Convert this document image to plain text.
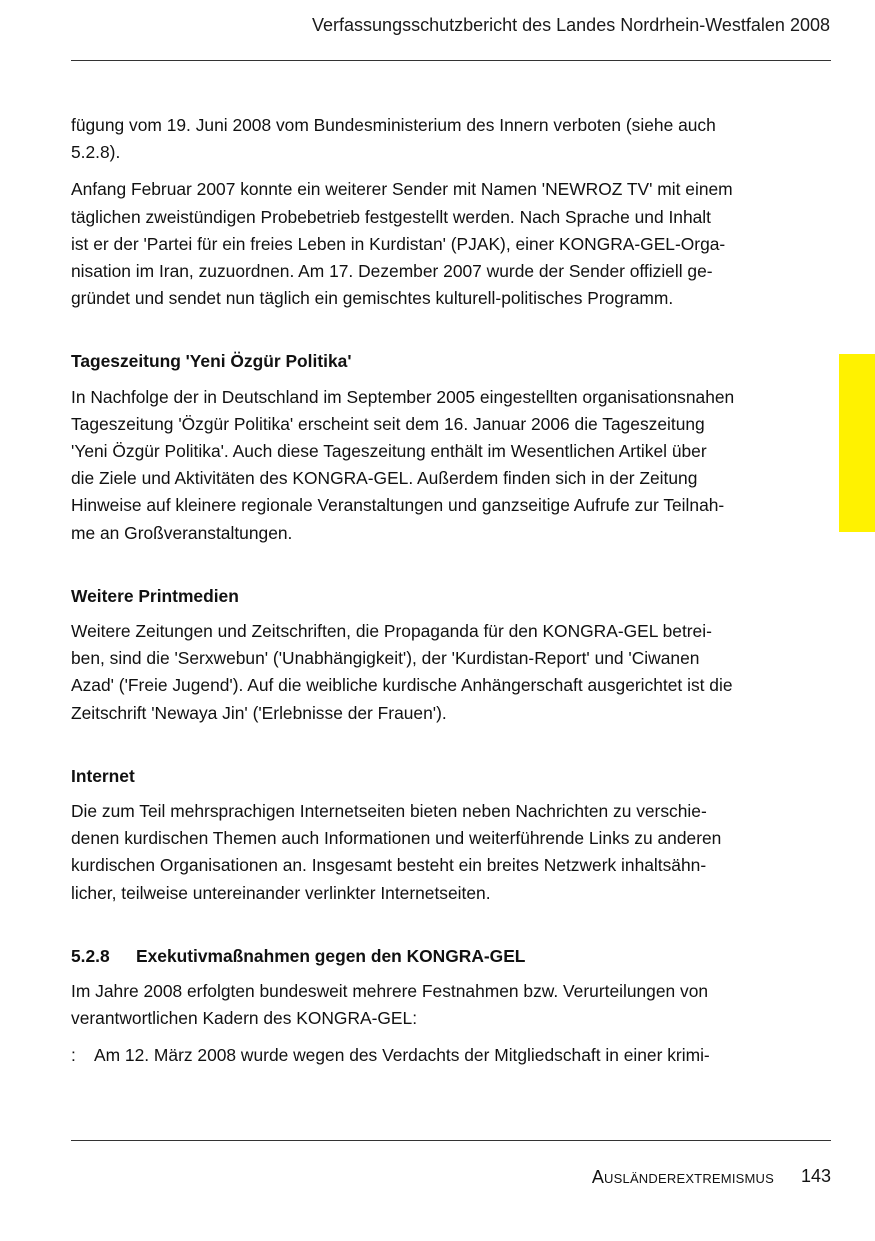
Verfassungsschutzbericht des Landes Nordrhein-Westfalen 2008

fügung vom 19. Juni 2008 vom Bundesministerium des Innern verboten (siehe auch
5.2.8).

Anfang Februar 2007 konnte ein weiterer Sender mit Namen 'NEWROZ TV' mit einem
täglichen zweistündigen Probebetrieb festgestellt werden. Nach Sprache und Inhalt
ist er der 'Partei für ein freies Leben in Kurdistan' (PJAK), einer KONGRA-GEL-Orga-
nisation im Iran, zuzuordnen. Am 17. Dezember 2007 wurde der Sender offiziell ge-
gründet und sendet nun täglich ein gemischtes kulturell-politisches Programm.

Tageszeitung 'Yeni Özgür Politika'

In Nachfolge der in Deutschland im September 2005 eingestellten organisationsnahen
Tageszeitung 'Özgür Politika' erscheint seit dem 16. Januar 2006 die Tageszeitung
'Yeni Özgür Politika'. Auch diese Tageszeitung enthält im Wesentlichen Artikel über
die Ziele und Aktivitäten des KONGRA-GEL. Außerdem finden sich in der Zeitung
Hinweise auf kleinere regionale Veranstaltungen und ganzseitige Aufrufe zur Teilnah-
me an Großveranstaltungen.

Weitere Printmedien

Weitere Zeitungen und Zeitschriften, die Propaganda für den KONGRA-GEL betrei-
ben, sind die 'Serxwebun' ('Unabhängigkeit'), der 'Kurdistan-Report' und 'Ciwanen
Azad' ('Freie Jugend'). Auf die weibliche kurdische Anhängerschaft ausgerichtet ist die
Zeitschrift 'Newaya Jin' ('Erlebnisse der Frauen').

Internet

Die zum Teil mehrsprachigen Internetseiten bieten neben Nachrichten zu verschie-
denen kurdischen Themen auch Informationen und weiterführende Links zu anderen
kurdischen Organisationen an. Insgesamt besteht ein breites Netzwerk inhaltsähn-
licher, teilweise untereinander verlinkter Internetseiten.

5.2.8	Exekutivmaßnahmen gegen den KONGRA-GEL

Im Jahre 2008 erfolgten bundesweit mehrere Festnahmen bzw. Verurteilungen von
verantwortlichen Kadern des KONGRA-GEL:

:	Am 12. März 2008 wurde wegen des Verdachts der Mitgliedschaft in einer krimi-
Ausländerextremismus 143
